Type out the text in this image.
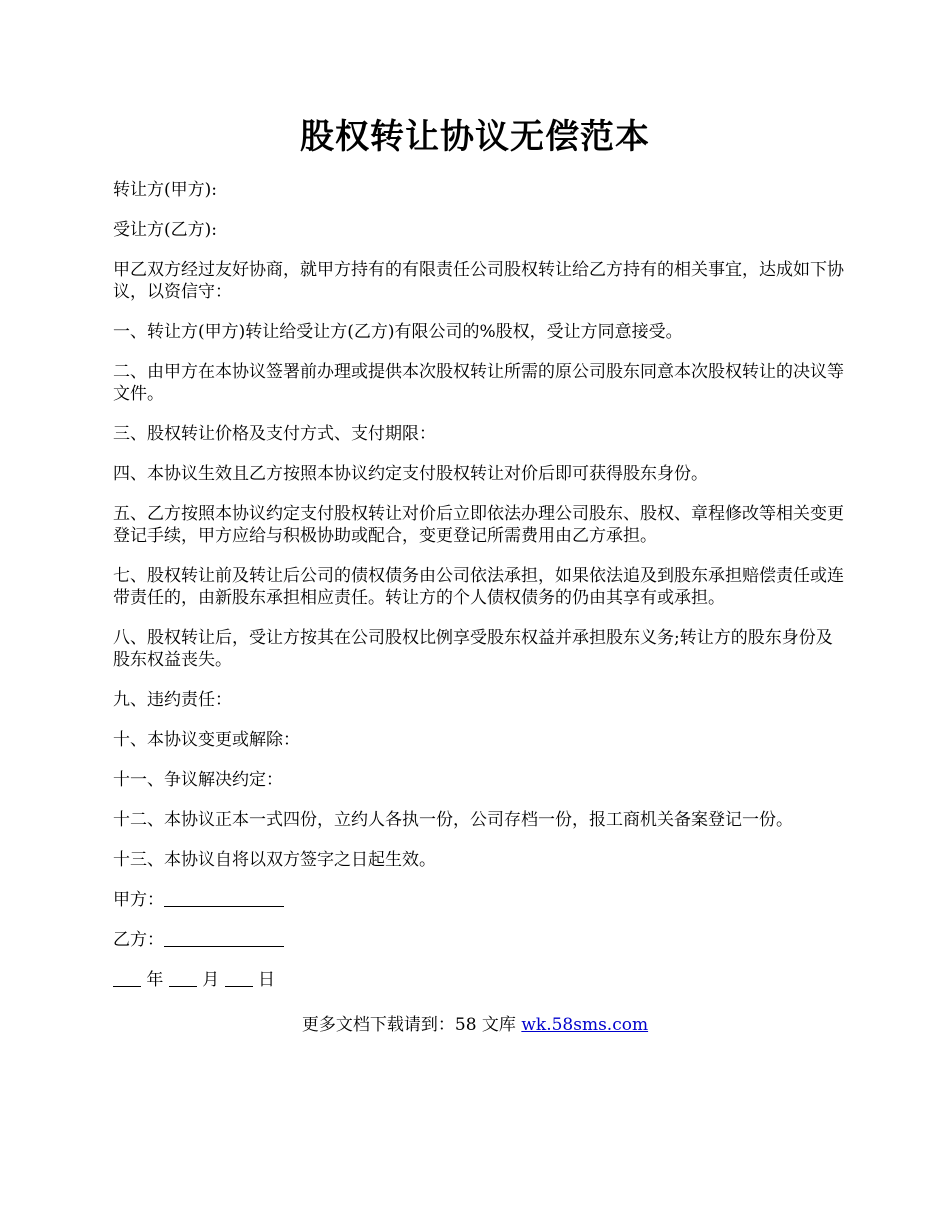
股权转让协议无偿范本

转让方(甲方):

受让方(乙方):

甲乙双方经过友好协商，就甲方持有的有限责任公司股权转让给乙方持有的相关事宜，达成如下协议，以资信守：

一、转让方(甲方)转让给受让方(乙方)有限公司的%股权，受让方同意接受。

二、由甲方在本协议签署前办理或提供本次股权转让所需的原公司股东同意本次股权转让的决议等文件。

三、股权转让价格及支付方式、支付期限：

四、本协议生效且乙方按照本协议约定支付股权转让对价后即可获得股东身份。

五、乙方按照本协议约定支付股权转让对价后立即依法办理公司股东、股权、章程修改等相关变更登记手续，甲方应给与积极协助或配合，变更登记所需费用由乙方承担。

七、股权转让前及转让后公司的债权债务由公司依法承担，如果依法追及到股东承担赔偿责任或连带责任的，由新股东承担相应责任。转让方的个人债权债务的仍由其享有或承担。

八、股权转让后，受让方按其在公司股权比例享受股东权益并承担股东义务;转让方的股东身份及股东权益丧失。

九、违约责任：

十、本协议变更或解除：

十一、争议解决约定：

十二、本协议正本一式四份，立约人各执一份，公司存档一份，报工商机关备案登记一份。

十三、本协议自将以双方签字之日起生效。

甲方：

乙方：

年 月 日

更多文档下载请到：58 文库 wk.58sms.com
